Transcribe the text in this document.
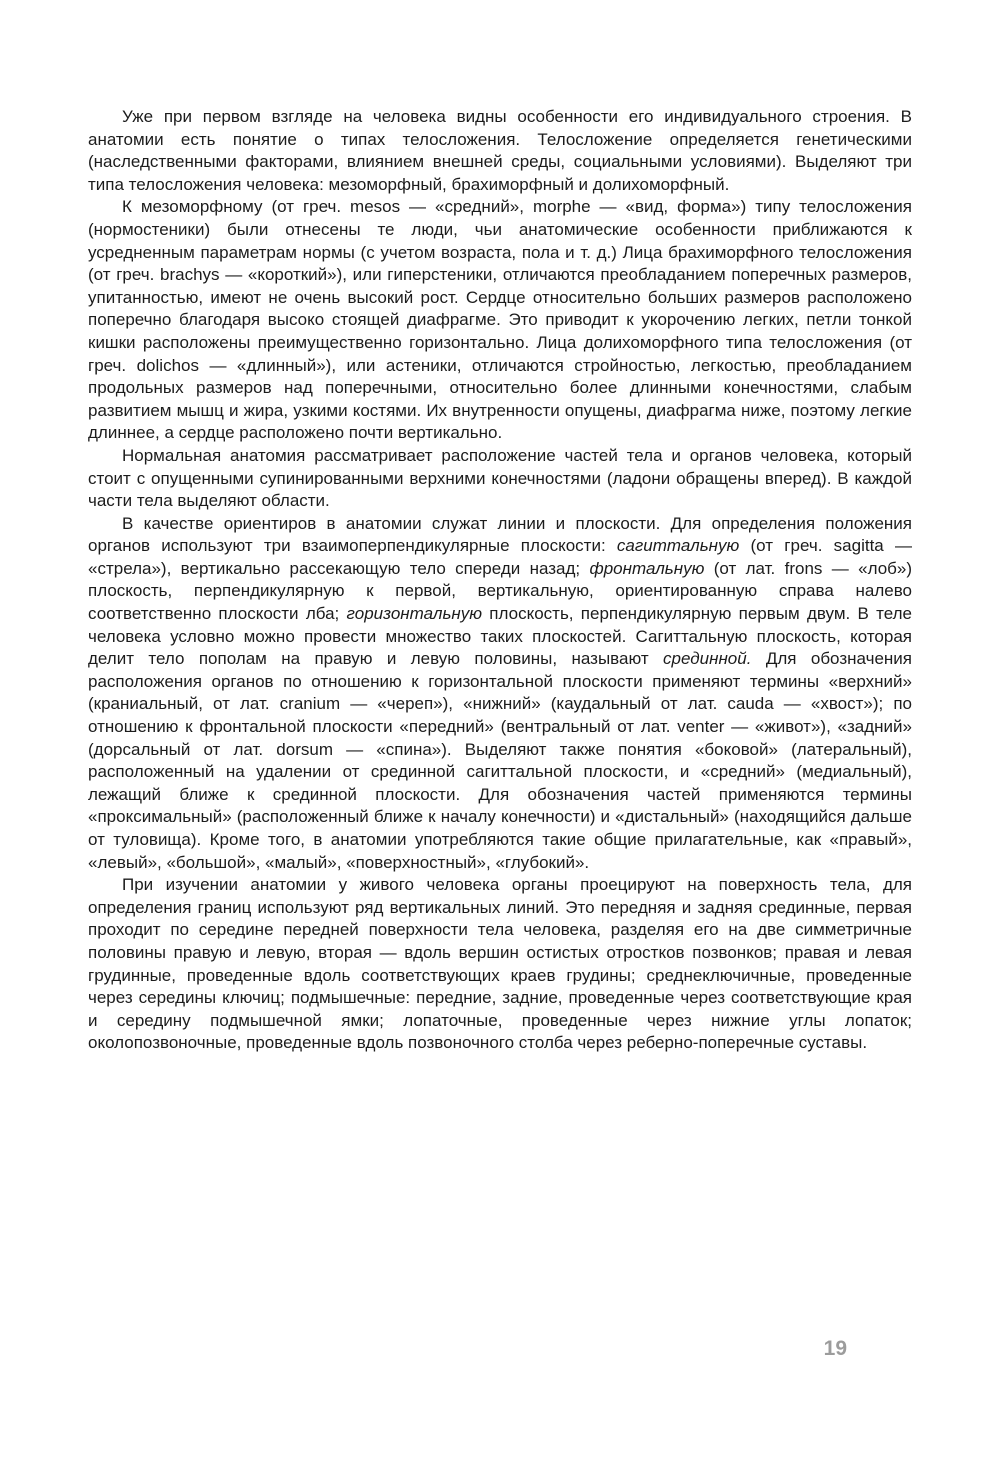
Уже при первом взгляде на человека видны особенности его индивидуального строения. В анатомии есть понятие о типах телосложения. Телосложение определяется генетическими (наследственными факторами, влиянием внешней среды, социальными условиями). Выделяют три типа телосложения человека: мезоморфный, брахиморфный и долихоморфный.

К мезоморфному (от греч. mesos — «средний», morphe — «вид, форма») типу телосложения (нормостеники) были отнесены те люди, чьи анатомические особенности приближаются к усредненным параметрам нормы (с учетом возраста, пола и т. д.) Лица брахиморфного телосложения (от греч. brachys — «короткий»), или гиперстеники, отличаются преобладанием поперечных размеров, упитанностью, имеют не очень высокий рост. Сердце относительно больших размеров расположено поперечно благодаря высоко стоящей диафрагме. Это приводит к укорочению легких, петли тонкой кишки расположены преимущественно горизонтально. Лица долихоморфного типа телосложения (от греч. dolichos — «длинный»), или астеники, отличаются стройностью, легкостью, преобладанием продольных размеров над поперечными, относительно более длинными конечностями, слабым развитием мышц и жира, узкими костями. Их внутренности опущены, диафрагма ниже, поэтому легкие длиннее, а сердце расположено почти вертикально.

Нормальная анатомия рассматривает расположение частей тела и органов человека, который стоит с опущенными супинированными верхними конечностями (ладони обращены вперед). В каждой части тела выделяют области.

В качестве ориентиров в анатомии служат линии и плоскости. Для определения положения органов используют три взаимоперпендикулярные плоскости: сагиттальную (от греч. sagitta — «стрела»), вертикально рассекающую тело спереди назад; фронтальную (от лат. frons — «лоб») плоскость, перпендикулярную к первой, вертикальную, ориентированную справа налево соответственно плоскости лба; горизонтальную плоскость, перпендикулярную первым двум. В теле человека условно можно провести множество таких плоскостей. Сагиттальную плоскость, которая делит тело пополам на правую и левую половины, называют срединной. Для обозначения расположения органов по отношению к горизонтальной плоскости применяют термины «верхний» (краниальный, от лат. cranium — «череп»), «нижний» (каудальный от лат. cauda — «хвост»); по отношению к фронтальной плоскости «передний» (вентральный от лат. venter — «живот»), «задний» (дорсальный от лат. dorsum — «спина»). Выделяют также понятия «боковой» (латеральный), расположенный на удалении от срединной сагиттальной плоскости, и «средний» (медиальный), лежащий ближе к срединной плоскости. Для обозначения частей применяются термины «проксимальный» (расположенный ближе к началу конечности) и «дистальный» (находящийся дальше от туловища). Кроме того, в анатомии употребляются такие общие прилагательные, как «правый», «левый», «большой», «малый», «поверхностный», «глубокий».

При изучении анатомии у живого человека органы проецируют на поверхность тела, для определения границ используют ряд вертикальных линий. Это передняя и задняя срединные, первая проходит по середине передней поверхности тела человека, разделяя его на две симметричные половины правую и левую, вторая — вдоль вершин остистых отростков позвонков; правая и левая грудинные, проведенные вдоль соответствующих краев грудины; среднеключичные, проведенные через середины ключиц; подмышечные: передние, задние, проведенные через соответствующие края и середину подмышечной ямки; лопаточные, проведенные через нижние углы лопаток; околопозвоночные, проведенные вдоль позвоночного столба через реберно-поперечные суставы.

19
